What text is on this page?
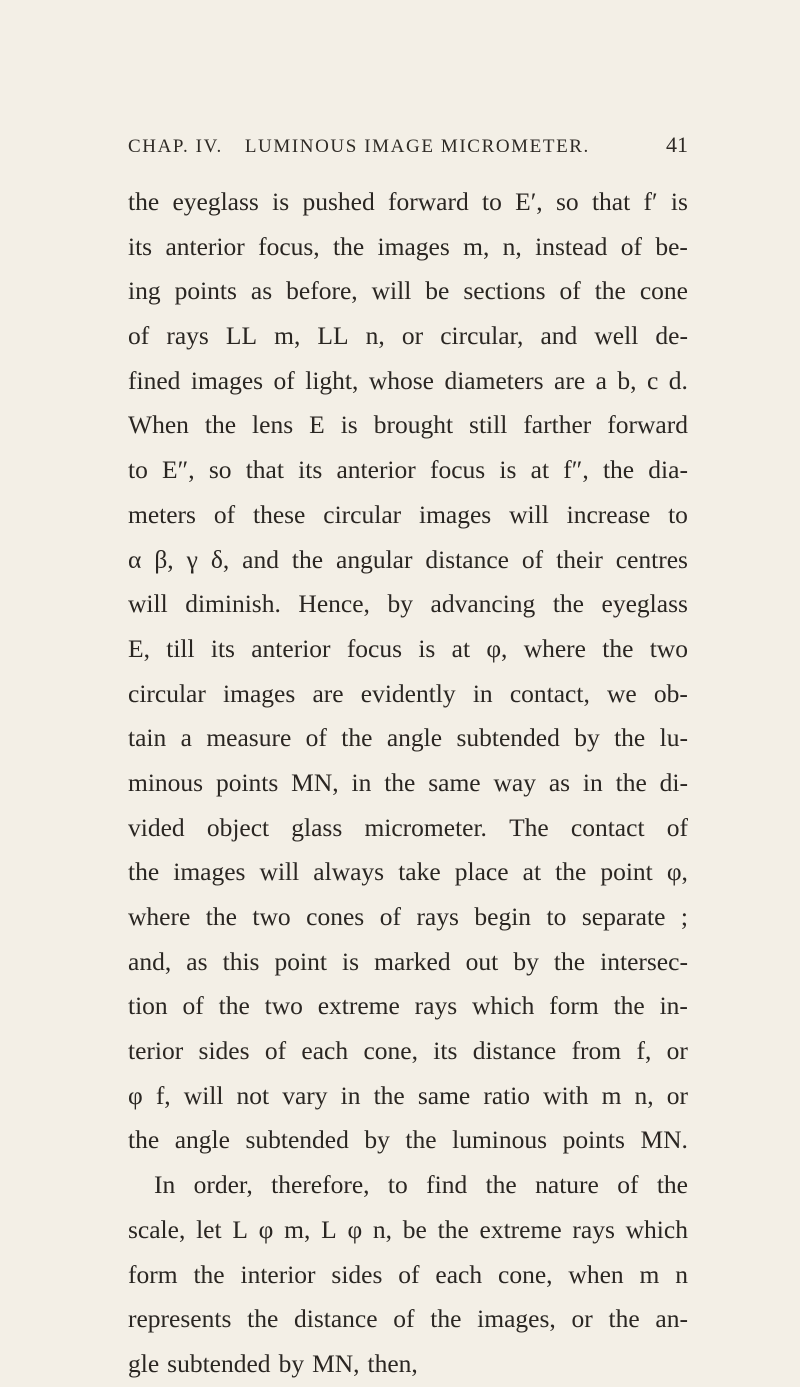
CHAP. IV. LUMINOUS IMAGE MICROMETER.	41
the eyeglass is pushed forward to E′, so that f′ is
its anterior focus, the images m, n, instead of be-
ing points as before, will be sections of the cone
of rays LL m, LL n, or circular, and well de-
fined images of light, whose diameters are a b, c d.
When the lens E is brought still farther forward
to E″, so that its anterior focus is at f″, the dia-
meters of these circular images will increase to
α β, γ δ, and the angular distance of their centres
will diminish. Hence, by advancing the eyeglass
E, till its anterior focus is at φ, where the two
circular images are evidently in contact, we ob-
tain a measure of the angle subtended by the lu-
minous points MN, in the same way as in the di-
vided object glass micrometer. The contact of
the images will always take place at the point φ,
where the two cones of rays begin to separate ;
and, as this point is marked out by the intersec-
tion of the two extreme rays which form the in-
terior sides of each cone, its distance from f, or
φ f, will not vary in the same ratio with m n, or
the angle subtended by the luminous points MN.
In order, therefore, to find the nature of the
scale, let L φ m, L φ n, be the extreme rays which
form the interior sides of each cone, when m n
represents the distance of the images, or the an-
gle subtended by MN, then,
